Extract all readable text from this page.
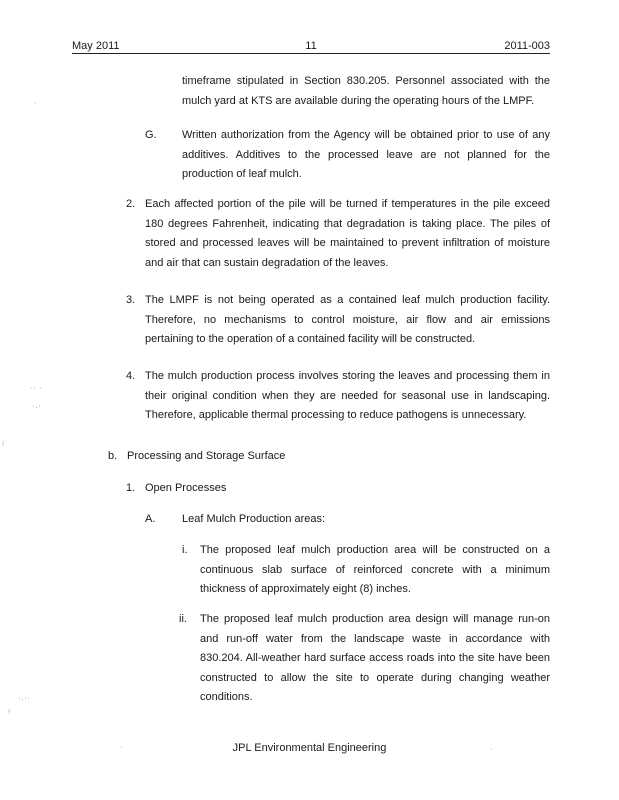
May 2011	11	2011-003
timeframe stipulated in Section 830.205. Personnel associated with the mulch yard at KTS are available during the operating hours of the LMPF.
G. Written authorization from the Agency will be obtained prior to use of any additives. Additives to the processed leave are not planned for the production of leaf mulch.
2. Each affected portion of the pile will be turned if temperatures in the pile exceed 180 degrees Fahrenheit, indicating that degradation is taking place. The piles of stored and processed leaves will be maintained to prevent infiltration of moisture and air that can sustain degradation of the leaves.
3. The LMPF is not being operated as a contained leaf mulch production facility. Therefore, no mechanisms to control moisture, air flow and air emissions pertaining to the operation of a contained facility will be constructed.
4. The mulch production process involves storing the leaves and processing them in their original condition when they are needed for seasonal use in landscaping. Therefore, applicable thermal processing to reduce pathogens is unnecessary.
b. Processing and Storage Surface
1. Open Processes
A. Leaf Mulch Production areas:
i. The proposed leaf mulch production area will be constructed on a continuous slab surface of reinforced concrete with a minimum thickness of approximately eight (8) inches.
ii. The proposed leaf mulch production area design will manage run-on and run-off water from the landscape waste in accordance with 830.204. All-weather hard surface access roads into the site have been constructed to allow the site to operate during changing weather conditions.
JPL Environmental Engineering
·
·· ·
·.·
⁝
·.··
⁝
·	·
